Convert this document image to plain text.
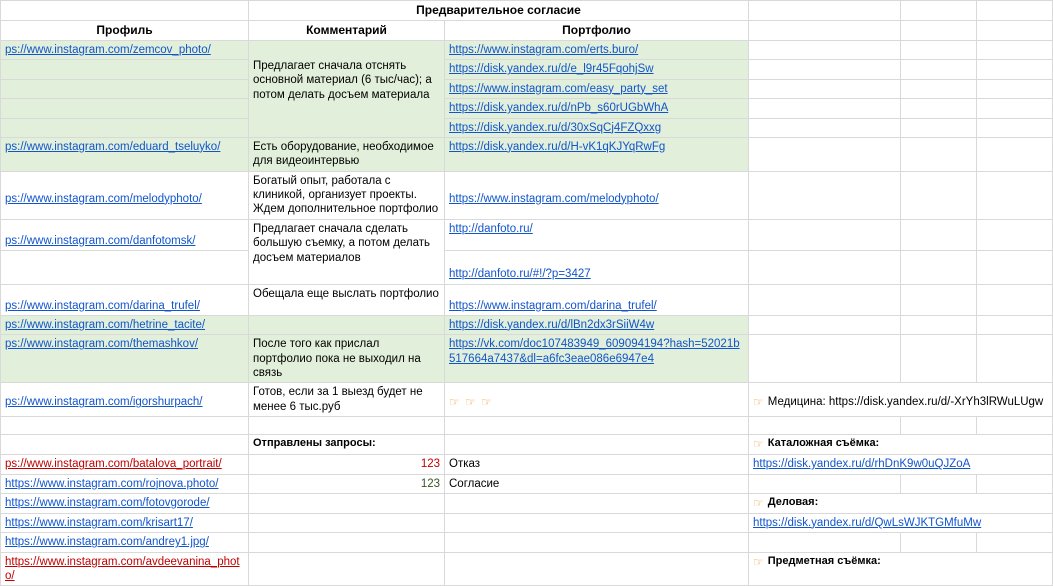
	Предварительное согласие				
Профиль	Комментарий	Портфолио			
ps://www.instagram.com/zemcov_photo/	Предлагает сначала отснять основной материал (6 тыс/час); а потом делать досъем материала	https://www.instagram.com/erts.buro/			
		https://disk.yandex.ru/d/e_l9r45FqohjSw			
		https://www.instagram.com/easy_party_set			
		https://disk.yandex.ru/d/nPb_s60rUGbWhA			
		https://disk.yandex.ru/d/30xSqCj4FZQxxg			
ps://www.instagram.com/eduard_tseluyko/	Есть оборудование, необходимое для видеоинтервью	https://disk.yandex.ru/d/H-vK1qKJYqRwFg			
ps://www.instagram.com/melodyphoto/	Богатый опыт, работала с клиникой, организует проекты. Ждем дополнительное портфолио	https://www.instagram.com/melodyphoto/			
ps://www.instagram.com/danfotomsk/	Предлагает сначала сделать большую съемку, а потом делать досъем материалов	http://danfoto.ru/			
		http://danfoto.ru/#!/?p=3427			
ps://www.instagram.com/darina_trufel/	Обещала еще выслать портфолио	https://www.instagram.com/darina_trufel/			
ps://www.instagram.com/hetrine_tacite/		https://disk.yandex.ru/d/lBn2dx3rSiiW4w			
ps://www.instagram.com/themashkov/	После того как прислал портфолио пока не выходил на связь	https://vk.com/doc107483949_609094194?hash=52021b517664a7437&dl=a6fc3eae086e6947e4			
ps://www.instagram.com/igorshurpach/	Готов, если за 1 выезд будет не менее 6 тыс.руб	☞ ☞ ☞	☞ Медицина: https://disk.yandex.ru/d/-XrYh3lRWuLUgw		

	Отправлены запросы:		☞ Каталожная съёмка:		

ps://www.instagram.com/batalova_portrait/	123	Отказ	https://disk.yandex.ru/d/rhDnK9w0uQJZoA		
https://www.instagram.com/rojnova.photo/	123	Согласие			
https://www.instagram.com/fotovgorode/			☞ Деловая:		

https://www.instagram.com/krisart17/			https://disk.yandex.ru/d/QwLsWJKTGMfuMw		
https://www.instagram.com/andrey1.jpg/					
https://www.instagram.com/avdeevanina_photo/			☞ Предметная съёмка:		
